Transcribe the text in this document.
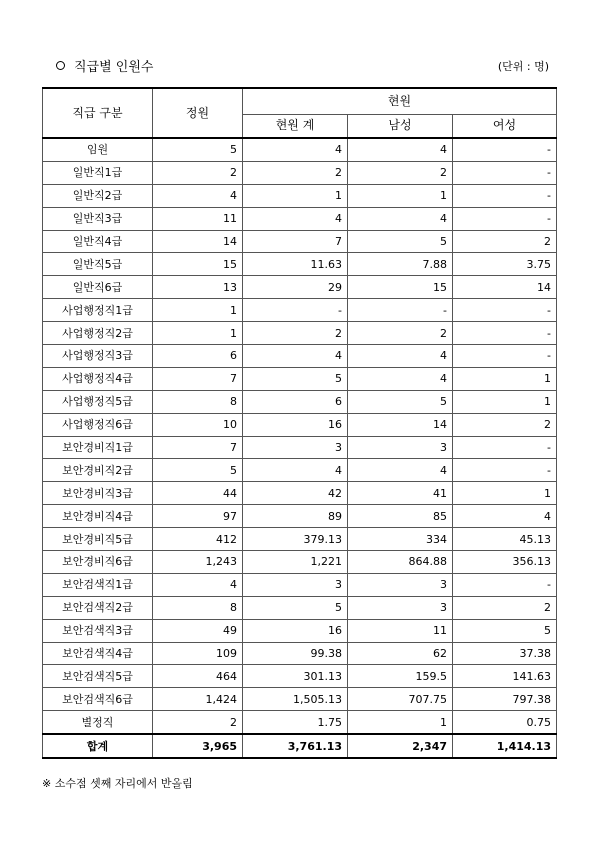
직급별 인원수	(단위 : 명)
직급 구분	정원	현원		
		현원 계	남성	여성
임원	5	4	4	-
일반직1급	2	2	2	-
일반직2급	4	1	1	-
일반직3급	11	4	4	-
일반직4급	14	7	5	2
일반직5급	15	11.63	7.88	3.75
일반직6급	13	29	15	14
사업행정직1급	1	-	-	-
사업행정직2급	1	2	2	-
사업행정직3급	6	4	4	-
사업행정직4급	7	5	4	1
사업행정직5급	8	6	5	1
사업행정직6급	10	16	14	2
보안경비직1급	7	3	3	-
보안경비직2급	5	4	4	-
보안경비직3급	44	42	41	1
보안경비직4급	97	89	85	4
보안경비직5급	412	379.13	334	45.13
보안경비직6급	1,243	1,221	864.88	356.13
보안검색직1급	4	3	3	-
보안검색직2급	8	5	3	2
보안검색직3급	49	16	11	5
보안검색직4급	109	99.38	62	37.38
보안검색직5급	464	301.13	159.5	141.63
보안검색직6급	1,424	1,505.13	707.75	797.38
별정직	2	1.75	1	0.75
합계	3,965	3,761.13	2,347	1,414.13
※ 소수점 셋째 자리에서 반올림
